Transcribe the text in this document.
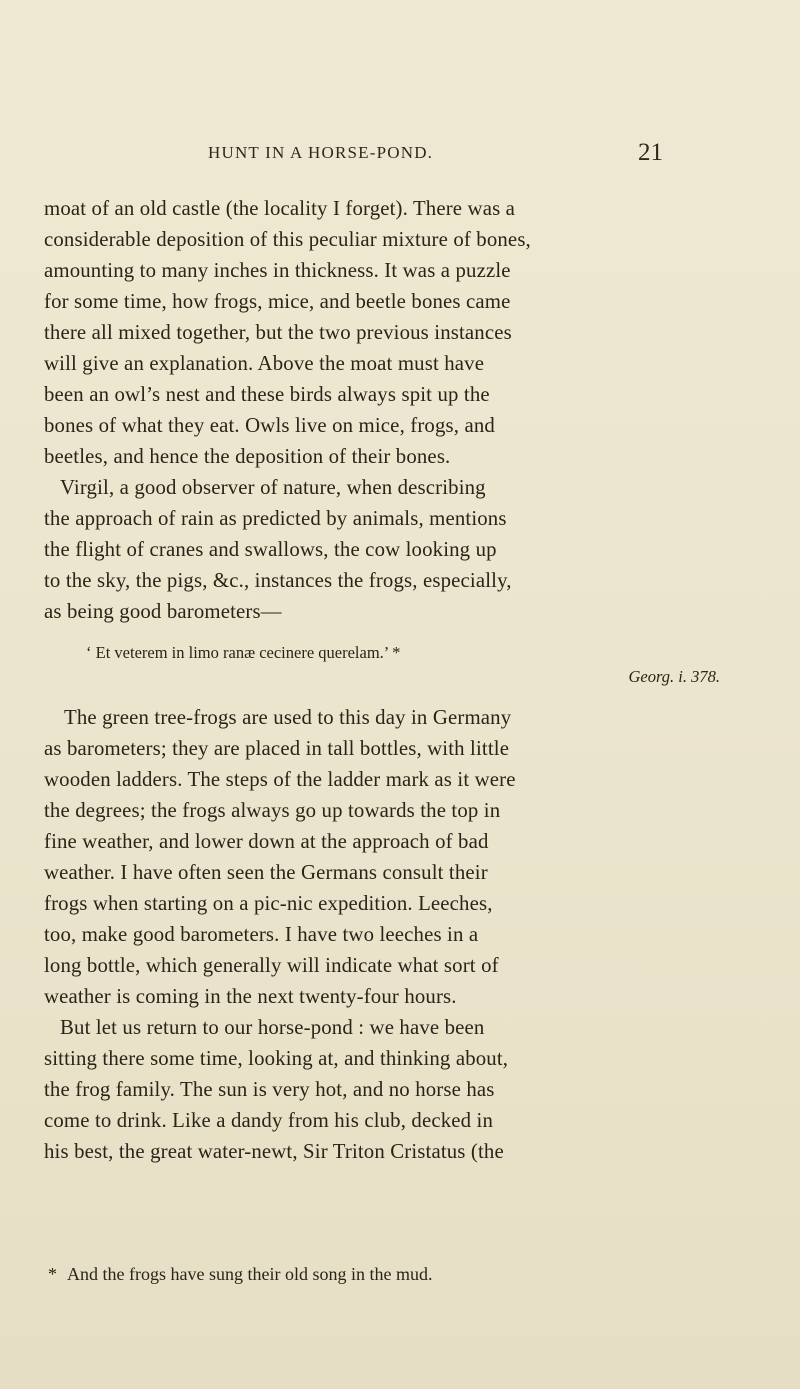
HUNT IN A HORSE-POND.	21
moat of an old castle (the locality I forget). There was a
considerable deposition of this peculiar mixture of bones,
amounting to many inches in thickness. It was a puzzle
for some time, how frogs, mice, and beetle bones came
there all mixed together, but the two previous instances
will give an explanation. Above the moat must have
been an owl’s nest and these birds always spit up the
bones of what they eat. Owls live on mice, frogs, and
beetles, and hence the deposition of their bones.
Virgil, a good observer of nature, when describing
the approach of rain as predicted by animals, mentions
the flight of cranes and swallows, the cow looking up
to the sky, the pigs, &c., instances the frogs, especially,
as being good barometers—
‘ Et veterem in limo ranæ cecinere querelam.’ *
Georg. i. 378.
The green tree-frogs are used to this day in Germany
as barometers; they are placed in tall bottles, with little
wooden ladders. The steps of the ladder mark as it were
the degrees; the frogs always go up towards the top in
fine weather, and lower down at the approach of bad
weather. I have often seen the Germans consult their
frogs when starting on a pic-nic expedition. Leeches,
too, make good barometers. I have two leeches in a
long bottle, which generally will indicate what sort of
weather is coming in the next twenty-four hours.
But let us return to our horse-pond : we have been
sitting there some time, looking at, and thinking about,
the frog family. The sun is very hot, and no horse has
come to drink. Like a dandy from his club, decked in
his best, the great water-newt, Sir Triton Cristatus (the
* And the frogs have sung their old song in the mud.
